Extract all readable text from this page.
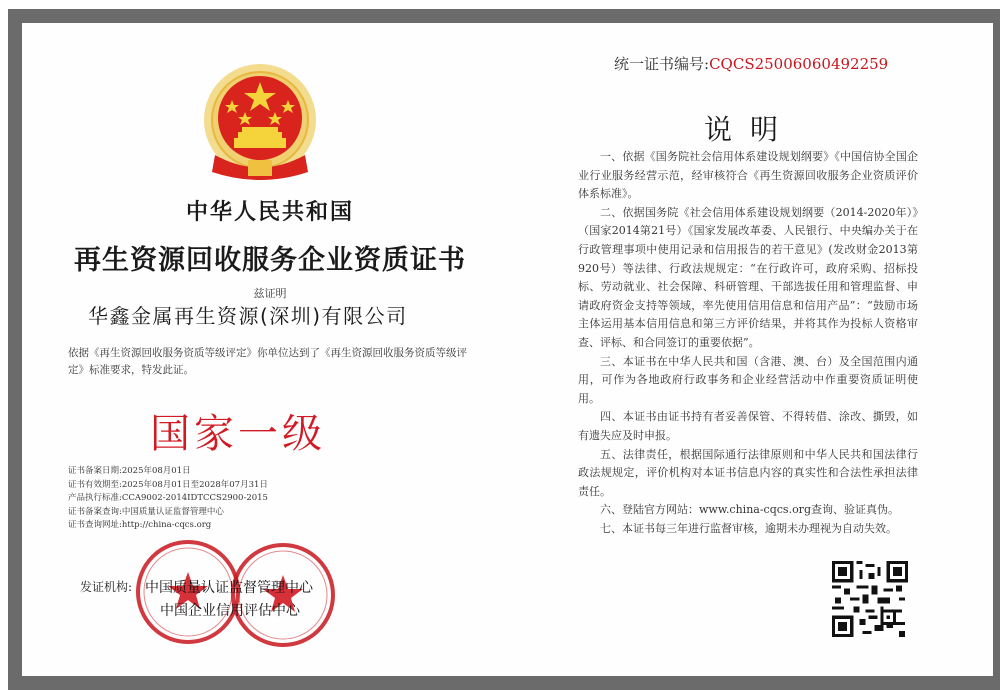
中华人民共和国
再生资源回收服务企业资质证书
兹证明
华鑫金属再生资源(深圳)有限公司
依据《再生资源回收服务资质等级评定》你单位达到了《再生资源回收服务资质等级评定》标准要求，特发此证。
国家一级
证书备案日期:2025年08月01日
证书有效期至:2025年08月01日至2028年07月31日
产品执行标准:CCA9002-2014IDTCCS2900-2015
证书备案查询:中国质量认证监督管理中心
证书查询网址:http://china-cqcs.org
发证机构: 中国质量认证监督管理中心
中国企业信用评估中心
统一证书编号:CQCS25006060492259
说明

一、依据《国务院社会信用体系建设规划纲要》《中国信协全国企业行业服务经营示范，经审核符合《再生资源回收服务企业资质评价体系标准》。

二、依据国务院《社会信用体系建设规划纲要（2014-2020年）》（国家2014第21号）《国家发展改革委、人民银行、中央编办关于在行政管理事项中使用记录和信用报告的若干意见》(发改财金2013第920号）等法律、行政法规规定：“在行政许可，政府采购、招标投标、劳动就业、社会保障、科研管理、干部选拔任用和管理监督、申请政府资金支持等领域，率先使用信用信息和信用产品”：“鼓励市场主体运用基本信用信息和第三方评价结果，并将其作为投标人资格审查、评标、和合同签订的重要依据”。

三、本证书在中华人民共和国（含港、澳、台）及全国范围内通用，可作为各地政府行政事务和企业经营活动中作重要资质证明使用。

四、本证书由证书持有者妥善保管、不得转借、涂改、撕毁，如有遗失应及时申报。

五、法律责任，根据国际通行法律原则和中华人民共和国法律行政法规规定，评价机构对本证书信息内容的真实性和合法性承担法律责任。

六、登陆官方网站：www.china-cqcs.org查询、验证真伪。

七、本证书每三年进行监督审核，逾期未办理视为自动失效。
